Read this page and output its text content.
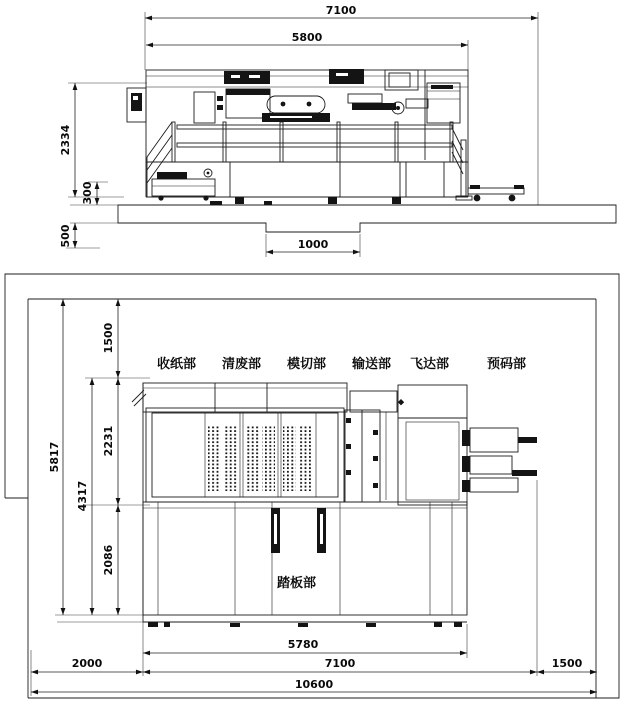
7100
5800
2334
300
500	1000
收纸部 清废部 模切部 输送部 飞达部	预码部
踏板部
5817
1500
2231
2086
4317
5780
2000	7100	1500
10600
